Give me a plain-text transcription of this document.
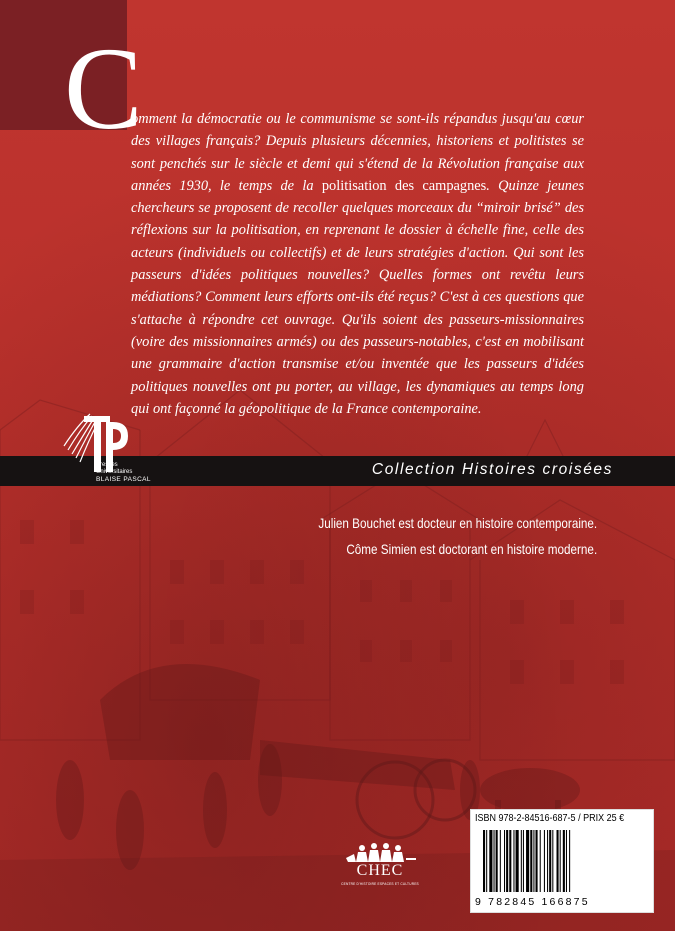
C

omment la démocratie ou le communisme se sont-ils répandus jusqu'au cœur des villages français? Depuis plusieurs décennies, historiens et politistes se sont penchés sur le siècle et demi qui s'étend de la Révolution française aux années 1930, le temps de la politisation des campagnes. Quinze jeunes chercheurs se proposent de recoller quelques morceaux du “miroir brisé” des réflexions sur la politisation, en reprenant le dossier à échelle fine, celle des acteurs (individuels ou collectifs) et de leurs stratégies d'action. Qui sont les passeurs d'idées politiques nouvelles? Quelles formes ont revêtu leurs médiations? Comment leurs efforts ont-ils été reçus? C'est à ces questions que s'attache à répondre cet ouvrage. Qu'ils soient des passeurs-missionnaires (voire des missionnaires armés) ou des passeurs-notables, c'est en mobilisant une grammaire d'action transmise et/ou inventée que les passeurs d'idées politiques nouvelles ont pu porter, au village, les dynamiques au temps long qui ont façonné la géopolitique de la France contemporaine.

Collection Histoires croisées
Presses
Universitaires
BLAISE PASCAL
Julien Bouchet est docteur en histoire contemporaine.
Côme Simien est doctorant en histoire moderne.
CHEC
CENTRE D'HISTOIRE ESPACES ET CULTURES
ISBN 978-2-84516-687-5 / PRIX 25 €
9 782845 166875
